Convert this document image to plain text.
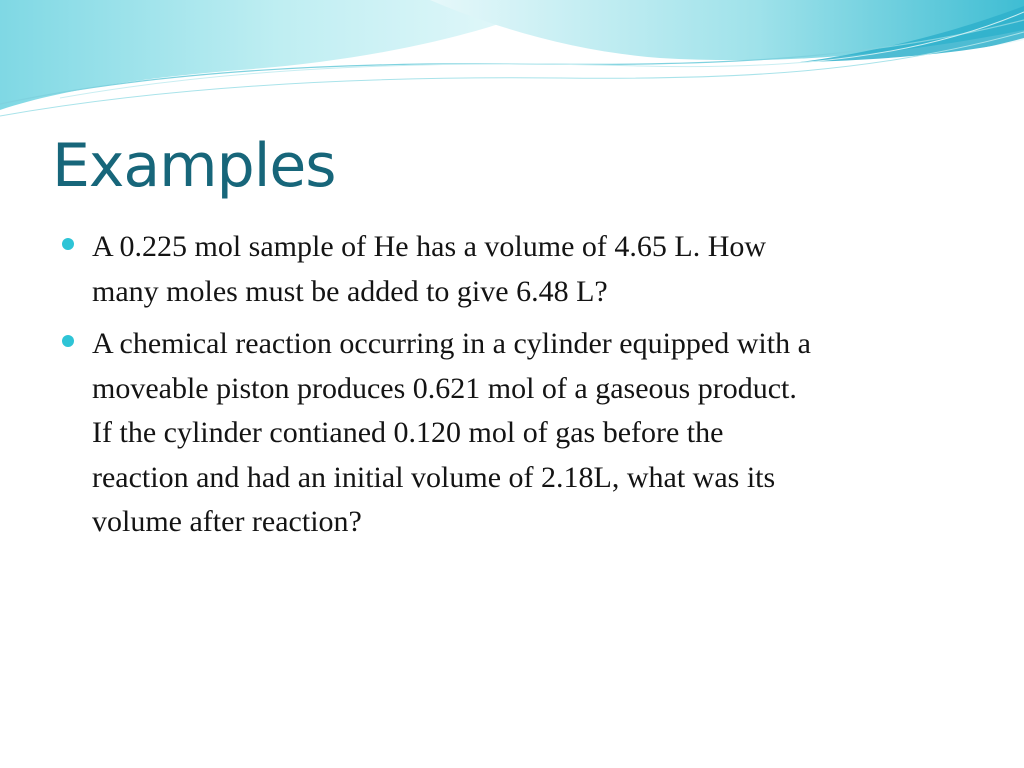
Examples
A 0.225 mol sample of He has a volume of 4.65 L. How
many moles must be added to give 6.48 L?
A chemical reaction occurring in a cylinder equipped with a
moveable piston produces 0.621 mol of a gaseous product.
If the cylinder contianed 0.120 mol of gas before the
reaction and had an initial volume of 2.18L, what was its
volume after reaction?
